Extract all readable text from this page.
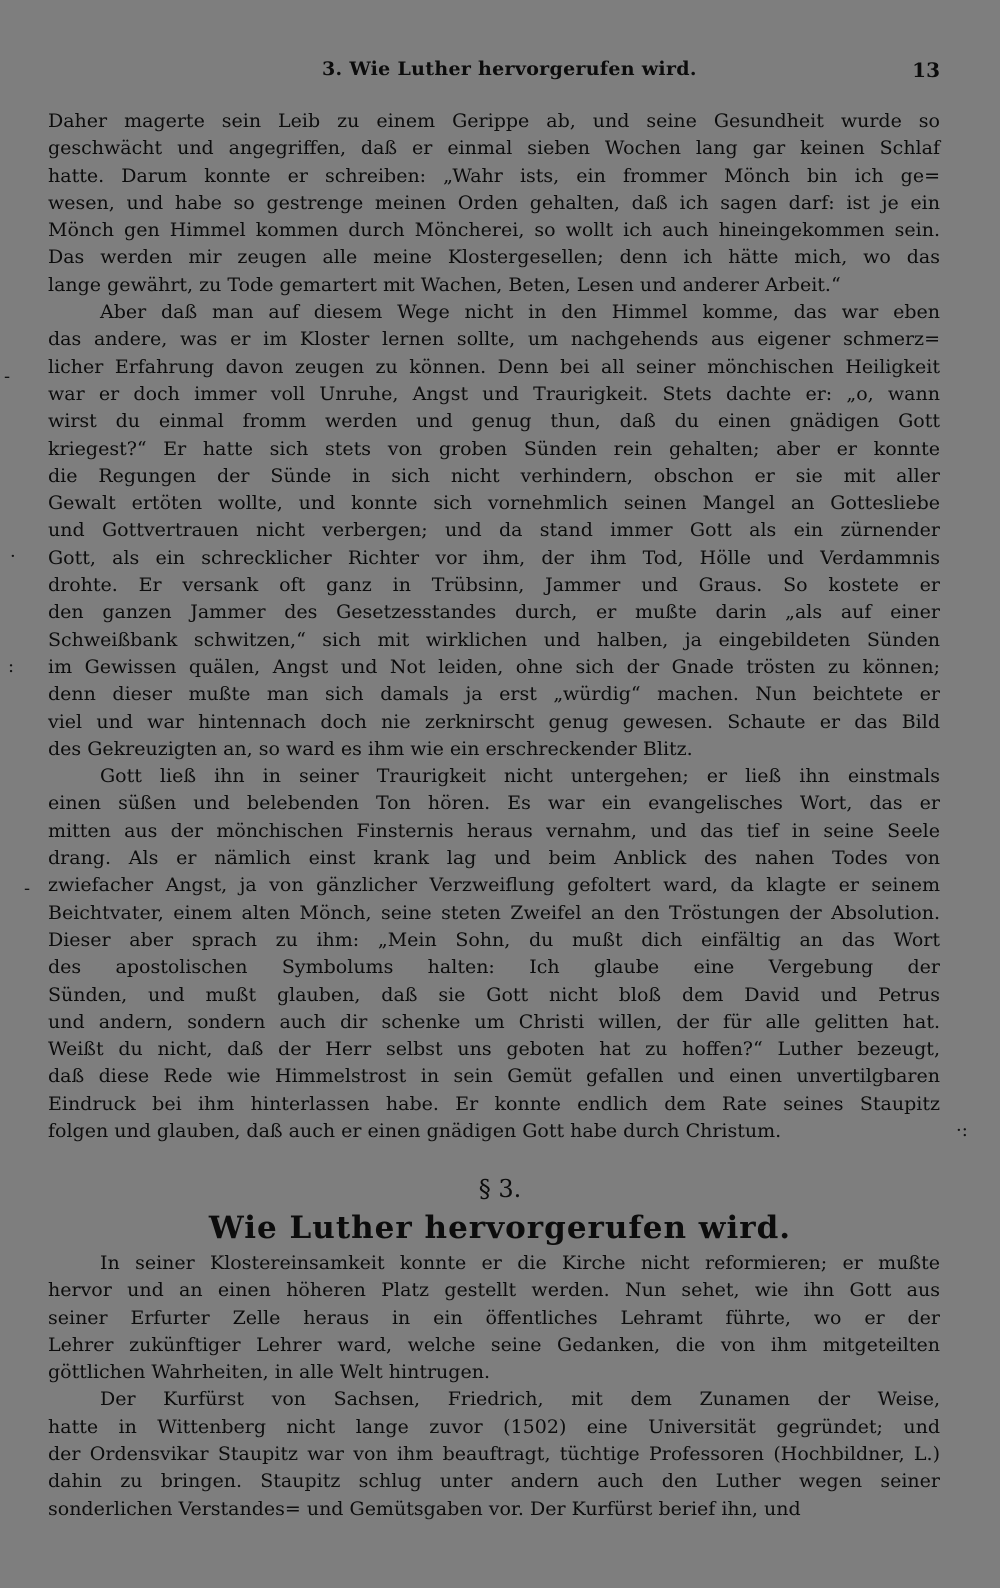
3. Wie Luther hervorgerufen wird.	13
Daher magerte sein Leib zu einem Gerippe ab, und seine Gesundheit wurde so
geschwächt und angegriffen, daß er einmal sieben Wochen lang gar keinen Schlaf
hatte. Darum konnte er schreiben: „Wahr ists, ein frommer Mönch bin ich ge=
wesen, und habe so gestrenge meinen Orden gehalten, daß ich sagen darf: ist je ein
Mönch gen Himmel kommen durch Möncherei, so wollt ich auch hineingekommen sein.
Das werden mir zeugen alle meine Klostergesellen; denn ich hätte mich, wo das
lange gewährt, zu Tode gemartert mit Wachen, Beten, Lesen und anderer Arbeit.“
Aber daß man auf diesem Wege nicht in den Himmel komme, das war eben
das andere, was er im Kloster lernen sollte, um nachgehends aus eigener schmerz=
licher Erfahrung davon zeugen zu können. Denn bei all seiner mönchischen Heiligkeit
war er doch immer voll Unruhe, Angst und Traurigkeit. Stets dachte er: „o, wann
wirst du einmal fromm werden und genug thun, daß du einen gnädigen Gott
kriegest?“ Er hatte sich stets von groben Sünden rein gehalten; aber er konnte
die Regungen der Sünde in sich nicht verhindern, obschon er sie mit aller
Gewalt ertöten wollte, und konnte sich vornehmlich seinen Mangel an Gottesliebe
und Gottvertrauen nicht verbergen; und da stand immer Gott als ein zürnender
Gott, als ein schrecklicher Richter vor ihm, der ihm Tod, Hölle und Verdammnis
drohte. Er versank oft ganz in Trübsinn, Jammer und Graus. So kostete er
den ganzen Jammer des Gesetzesstandes durch, er mußte darin „als auf einer
Schweißbank schwitzen,“ sich mit wirklichen und halben, ja eingebildeten Sünden
im Gewissen quälen, Angst und Not leiden, ohne sich der Gnade trösten zu können;
denn dieser mußte man sich damals ja erst „würdig“ machen. Nun beichtete er
viel und war hintennach doch nie zerknirscht genug gewesen. Schaute er das Bild
des Gekreuzigten an, so ward es ihm wie ein erschreckender Blitz.
Gott ließ ihn in seiner Traurigkeit nicht untergehen; er ließ ihn einstmals
einen süßen und belebenden Ton hören. Es war ein evangelisches Wort, das er
mitten aus der mönchischen Finsternis heraus vernahm, und das tief in seine Seele
drang. Als er nämlich einst krank lag und beim Anblick des nahen Todes von
zwiefacher Angst, ja von gänzlicher Verzweiflung gefoltert ward, da klagte er seinem
Beichtvater, einem alten Mönch, seine steten Zweifel an den Tröstungen der Absolution.
Dieser aber sprach zu ihm: „Mein Sohn, du mußt dich einfältig an das Wort
des apostolischen Symbolums halten: Ich glaube eine Vergebung der
Sünden, und mußt glauben, daß sie Gott nicht bloß dem David und Petrus
und andern, sondern auch dir schenke um Christi willen, der für alle gelitten hat.
Weißt du nicht, daß der Herr selbst uns geboten hat zu hoffen?“ Luther bezeugt,
daß diese Rede wie Himmelstrost in sein Gemüt gefallen und einen unvertilgbaren
Eindruck bei ihm hinterlassen habe. Er konnte endlich dem Rate seines Staupitz
folgen und glauben, daß auch er einen gnädigen Gott habe durch Christum.
§ 3.
Wie Luther hervorgerufen wird.
In seiner Klostereinsamkeit konnte er die Kirche nicht reformieren; er mußte
hervor und an einen höheren Platz gestellt werden. Nun sehet, wie ihn Gott aus
seiner Erfurter Zelle heraus in ein öffentliches Lehramt führte, wo er der
Lehrer zukünftiger Lehrer ward, welche seine Gedanken, die von ihm mitgeteilten
göttlichen Wahrheiten, in alle Welt hintrugen.
Der Kurfürst von Sachsen, Friedrich, mit dem Zunamen der Weise,
hatte in Wittenberg nicht lange zuvor (1502) eine Universität gegründet; und
der Ordensvikar Staupitz war von ihm beauftragt, tüchtige Professoren (Hochbildner, L.)
dahin zu bringen. Staupitz schlug unter andern auch den Luther wegen seiner
sonderlichen Verstandes= und Gemütsgaben vor. Der Kurfürst berief ihn, und
-
·
:
-
·:
